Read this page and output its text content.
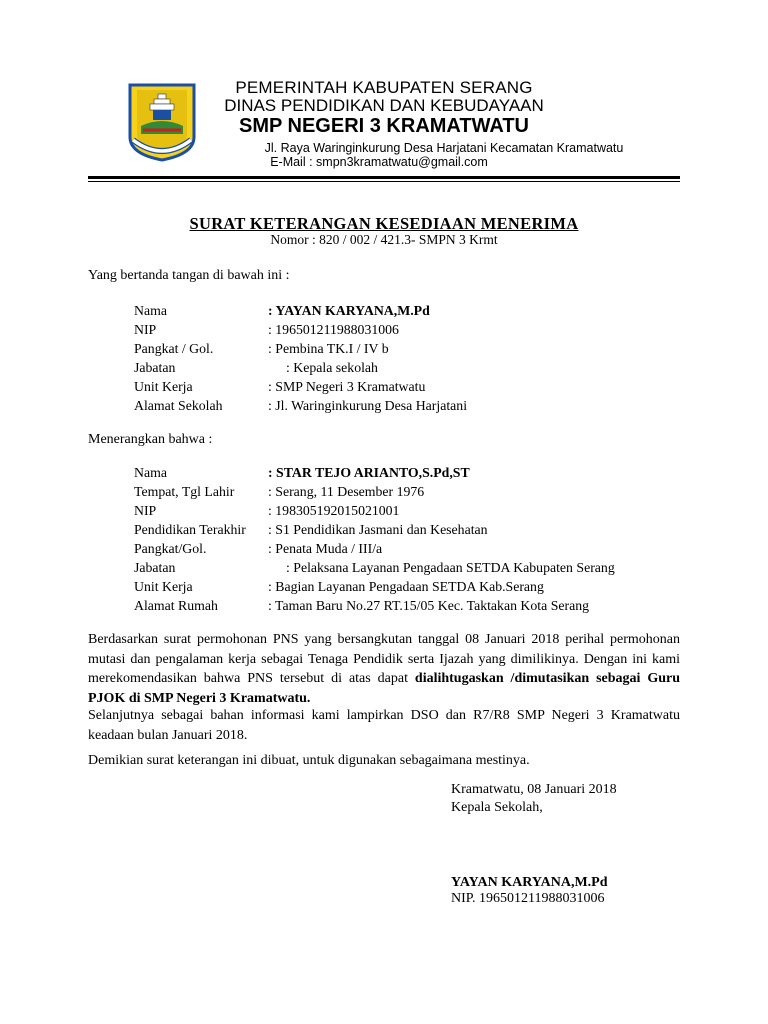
PEMERINTAH KABUPATEN SERANG
DINAS PENDIDIKAN DAN KEBUDAYAAN
SMP NEGERI 3 KRAMATWATU
Jl. Raya Waringinkurung Desa Harjatani Kecamatan Kramatwatu
E-Mail : smpn3kramatwatu@gmail.com
SURAT KETERANGAN KESEDIAAN MENERIMA
Nomor : 820 / 002 / 421.3- SMPN 3 Krmt
Yang bertanda tangan di bawah ini :
Nama	: YAYAN KARYANA,M.Pd
NIP	: 196501211988031006
Pangkat / Gol.	: Pembina TK.I / IV b
Jabatan	: Kepala sekolah
Unit Kerja	: SMP Negeri 3 Kramatwatu
Alamat Sekolah	: Jl. Waringinkurung Desa Harjatani
Menerangkan bahwa :
Nama	: STAR TEJO ARIANTO,S.Pd,ST
Tempat, Tgl Lahir : Serang, 11 Desember 1976
NIP	: 198305192015021001
Pendidikan Terakhir : S1 Pendidikan Jasmani dan Kesehatan
Pangkat/Gol.	: Penata Muda / III/a
Jabatan	: Pelaksana Layanan Pengadaan SETDA Kabupaten Serang
Unit Kerja	: Bagian Layanan Pengadaan SETDA Kab.Serang
Alamat Rumah	: Taman Baru No.27 RT.15/05 Kec. Taktakan Kota Serang
Berdasarkan surat permohonan PNS yang bersangkutan tanggal 08 Januari 2018 perihal permohonan mutasi dan pengalaman kerja sebagai Tenaga Pendidik serta Ijazah yang dimilikinya. Dengan ini kami merekomendasikan bahwa PNS tersebut di atas dapat dialihtugaskan /dimutasikan sebagai Guru PJOK di SMP Negeri 3 Kramatwatu.
Selanjutnya sebagai bahan informasi kami lampirkan DSO dan R7/R8 SMP Negeri 3 Kramatwatu keadaan bulan Januari 2018.
Demikian surat keterangan ini dibuat, untuk digunakan sebagaimana mestinya.
Kramatwatu, 08 Januari 2018
Kepala Sekolah,
YAYAN KARYANA,M.Pd
NIP. 196501211988031006
